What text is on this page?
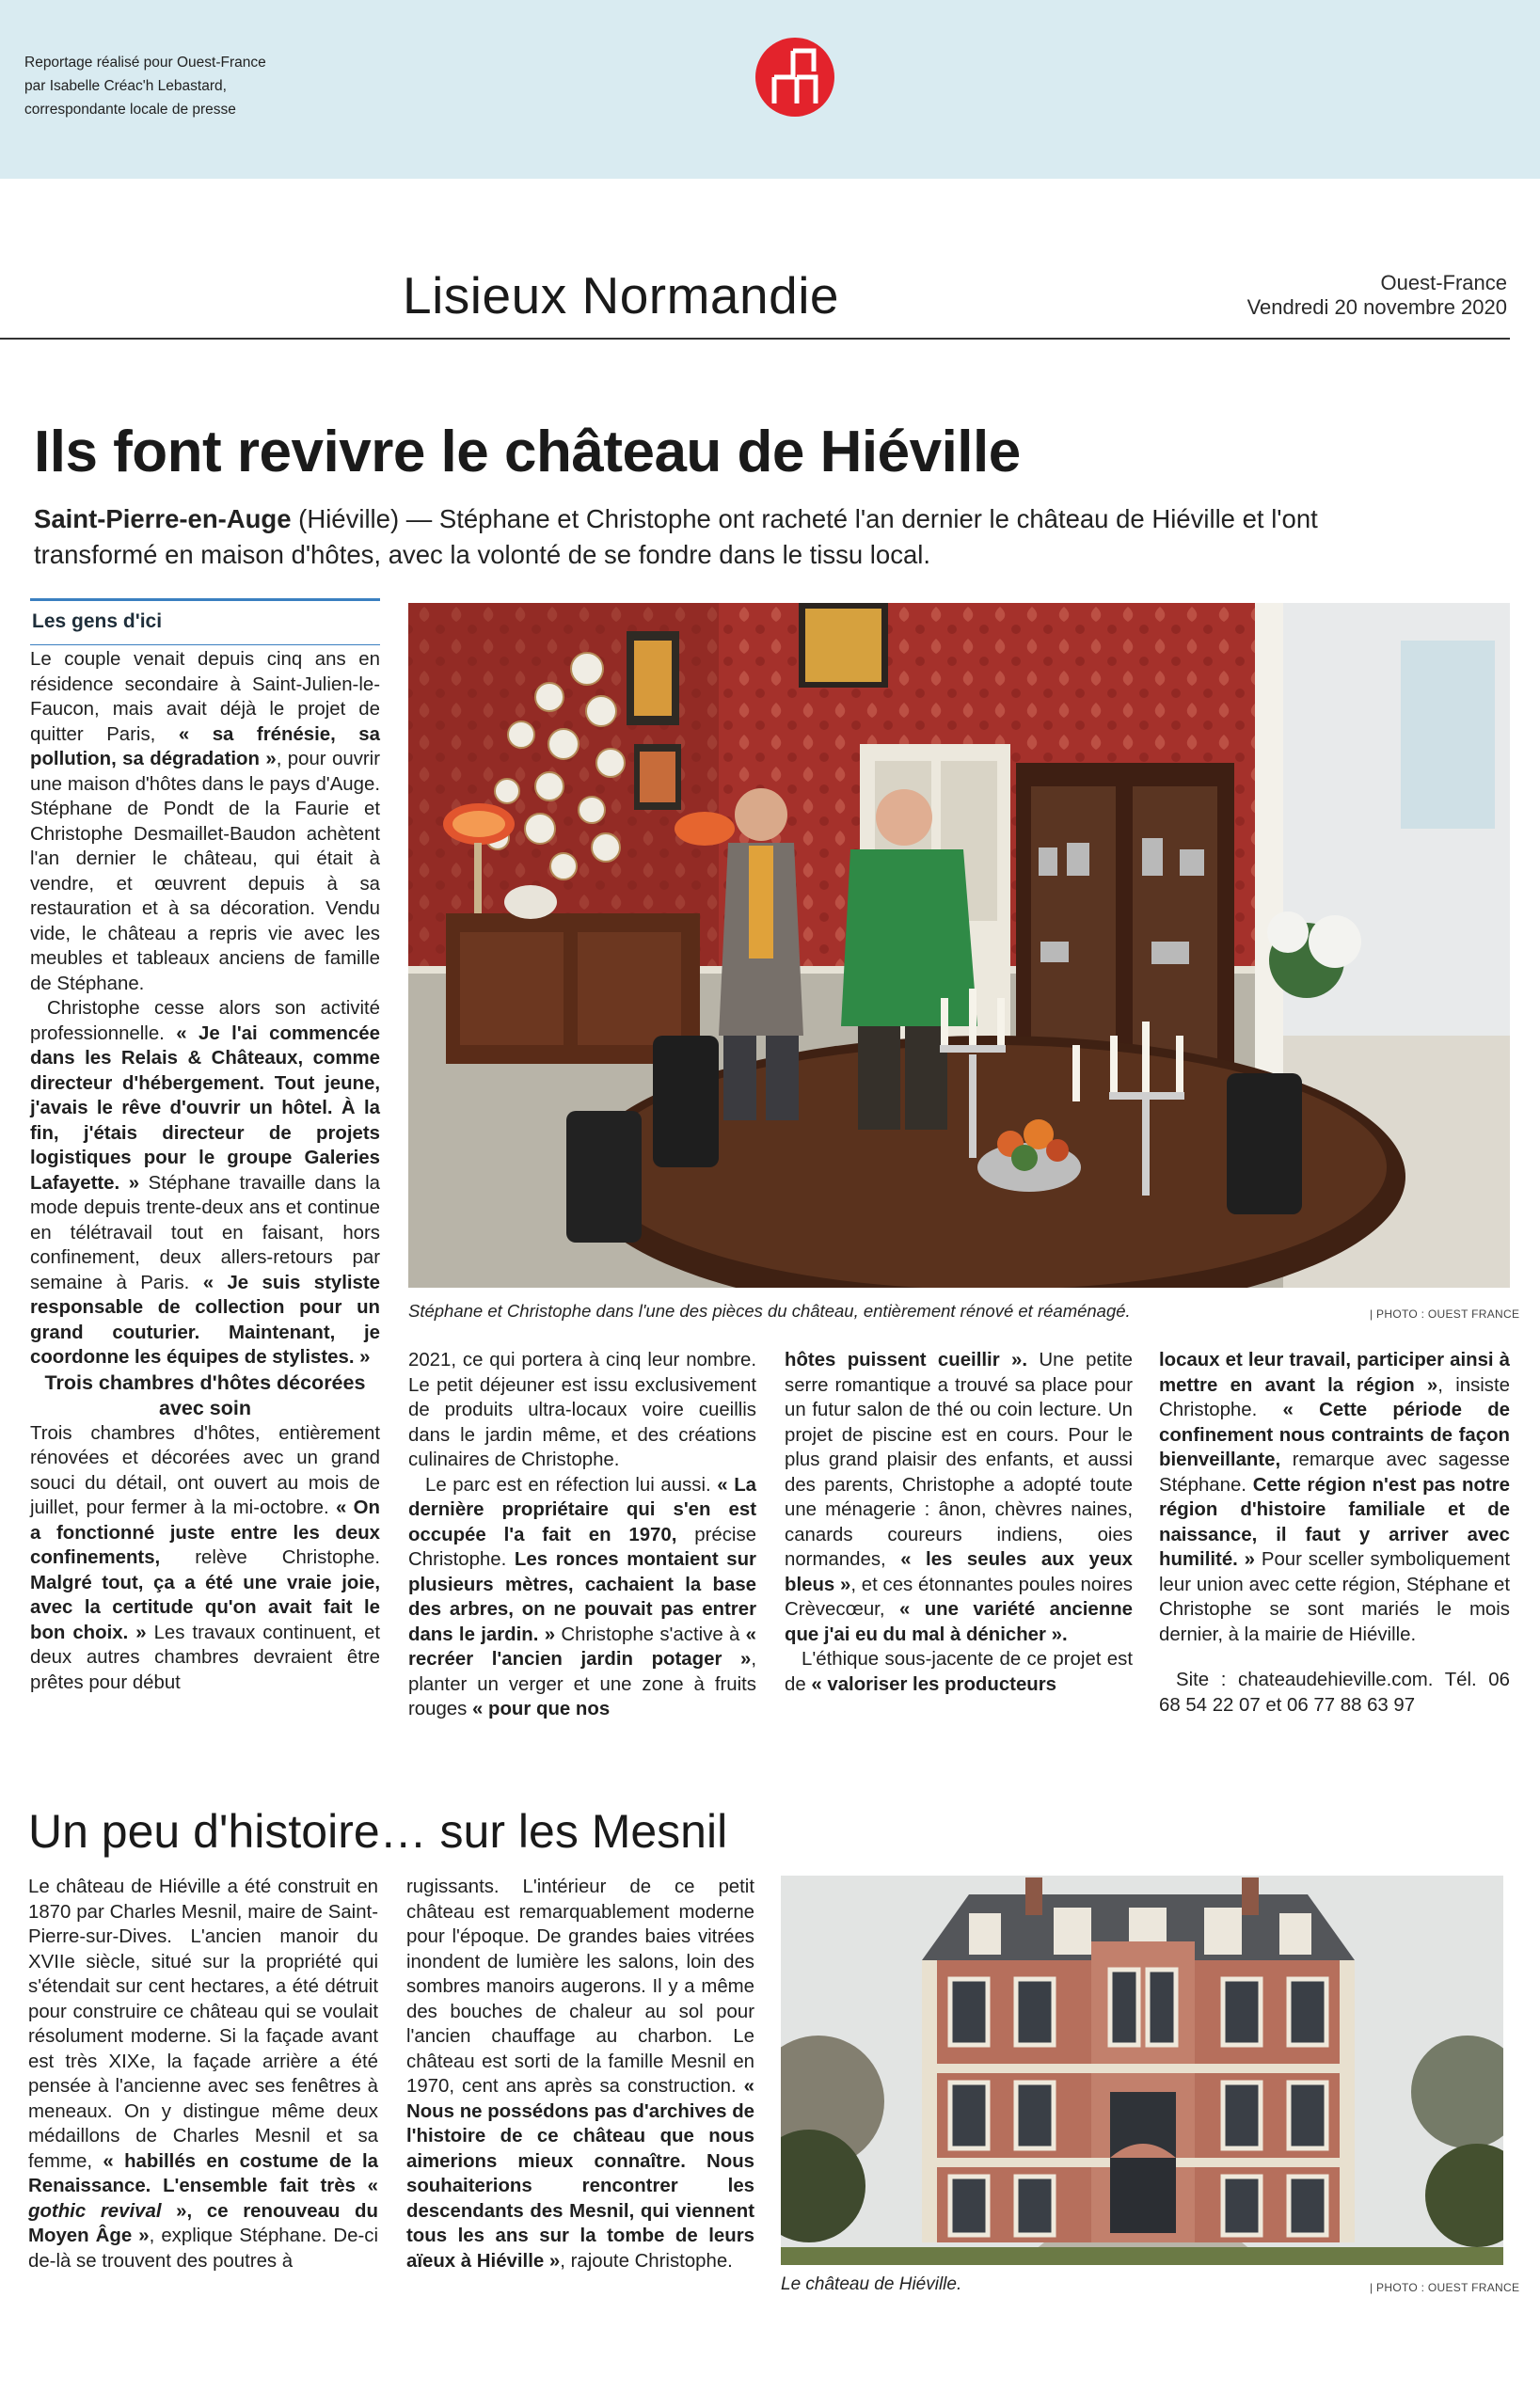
Reportage réalisé pour Ouest-France
par Isabelle Créac'h Lebastard,
correspondante locale de presse
Lisieux Normandie	Ouest-France
Vendredi 20 novembre 2020
Ils font revivre le château de Hiéville
Saint-Pierre-en-Auge (Hiéville) — Stéphane et Christophe ont racheté l'an dernier le château de Hiéville et l'ont transformé en maison d'hôtes, avec la volonté de se fondre dans le tissu local.
Les gens d'ici

Le couple venait depuis cinq ans en résidence secondaire à Saint-Julien-le-Faucon, mais avait déjà le projet de quitter Paris, « sa frénésie, sa pollution, sa dégradation », pour ouvrir une maison d'hôtes dans le pays d'Auge. Stéphane de Pondt de la Faurie et Christophe Desmaillet-Baudon achètent l'an dernier le château, qui était à vendre, et œuvrent depuis à sa restauration et à sa décoration. Vendu vide, le château a repris vie avec les meubles et tableaux anciens de famille de Stéphane.

Christophe cesse alors son activité professionnelle. « Je l'ai commencée dans les Relais & Châteaux, comme directeur d'hébergement. Tout jeune, j'avais le rêve d'ouvrir un hôtel. À la fin, j'étais directeur de projets logistiques pour le groupe Galeries Lafayette. » Stéphane travaille dans la mode depuis trente-deux ans et continue en télétravail tout en faisant, hors confinement, deux allers-retours par semaine à Paris. « Je suis styliste responsable de collection pour un grand couturier. Maintenant, je coordonne les équipes de stylistes. »

Trois chambres d'hôtes décorées avec soin

Trois chambres d'hôtes, entièrement rénovées et décorées avec un grand souci du détail, ont ouvert au mois de juillet, pour fermer à la mi-octobre. « On a fonctionné juste entre les deux confinements, relève Christophe. Malgré tout, ça a été une vraie joie, avec la certitude qu'on avait fait le bon choix. » Les travaux continuent, et deux autres chambres devraient être prêtes pour début

Stéphane et Christophe dans l'une des pièces du château, entièrement rénové et réaménagé.	| PHOTO : OUEST FRANCE

2021, ce qui portera à cinq leur nombre. Le petit déjeuner est issu exclusivement de produits ultra-locaux voire cueillis dans le jardin même, et des créations culinaires de Christophe.

Le parc est en réfection lui aussi. « La dernière propriétaire qui s'en est occupée l'a fait en 1970, précise Christophe. Les ronces montaient sur plusieurs mètres, cachaient la base des arbres, on ne pouvait pas entrer dans le jardin. » Christophe s'active à « recréer l'ancien jardin potager », planter un verger et une zone à fruits rouges « pour que nos

hôtes puissent cueillir ». Une petite serre romantique a trouvé sa place pour un futur salon de thé ou coin lecture. Un projet de piscine est en cours. Pour le plus grand plaisir des enfants, et aussi des parents, Christophe a adopté toute une ménagerie : ânon, chèvres naines, canards coureurs indiens, oies normandes, « les seules aux yeux bleus », et ces étonnantes poules noires Crèvecœur, « une variété ancienne que j'ai eu du mal à dénicher ».

L'éthique sous-jacente de ce projet est de « valoriser les producteurs

locaux et leur travail, participer ainsi à mettre en avant la région », insiste Christophe. « Cette période de confinement nous contraints de façon bienveillante, remarque avec sagesse Stéphane. Cette région n'est pas notre région d'histoire familiale et de naissance, il faut y arriver avec humilité. » Pour sceller symboliquement leur union avec cette région, Stéphane et Christophe se sont mariés le mois dernier, à la mairie de Hiéville.

Site : chateaudehieville.com. Tél. 06 68 54 22 07 et 06 77 88 63 97

Un peu d'histoire… sur les Mesnil

Le château de Hiéville a été construit en 1870 par Charles Mesnil, maire de Saint-Pierre-sur-Dives. L'ancien manoir du XVIIe siècle, situé sur la propriété qui s'étendait sur cent hectares, a été détruit pour construire ce château qui se voulait résolument moderne. Si la façade avant est très XIXe, la façade arrière a été pensée à l'ancienne avec ses fenêtres à meneaux. On y distingue même deux médaillons de Charles Mesnil et sa femme, « habillés en costume de la Renaissance. L'ensemble fait très « gothic revival », ce renouveau du Moyen Âge », explique Stéphane. De-ci de-là se trouvent des poutres à

rugissants. L'intérieur de ce petit château est remarquablement moderne pour l'époque. De grandes baies vitrées inondent de lumière les salons, loin des sombres manoirs augerons. Il y a même des bouches de chaleur au sol pour l'ancien chauffage au charbon. Le château est sorti de la famille Mesnil en 1970, cent ans après sa construction. « Nous ne possédons pas d'archives de l'histoire de ce château que nous aimerions mieux connaître. Nous souhaiterions rencontrer les descendants des Mesnil, qui viennent tous les ans sur la tombe de leurs aïeux à Hiéville », rajoute Christophe.

Le château de Hiéville.	| PHOTO : OUEST FRANCE
